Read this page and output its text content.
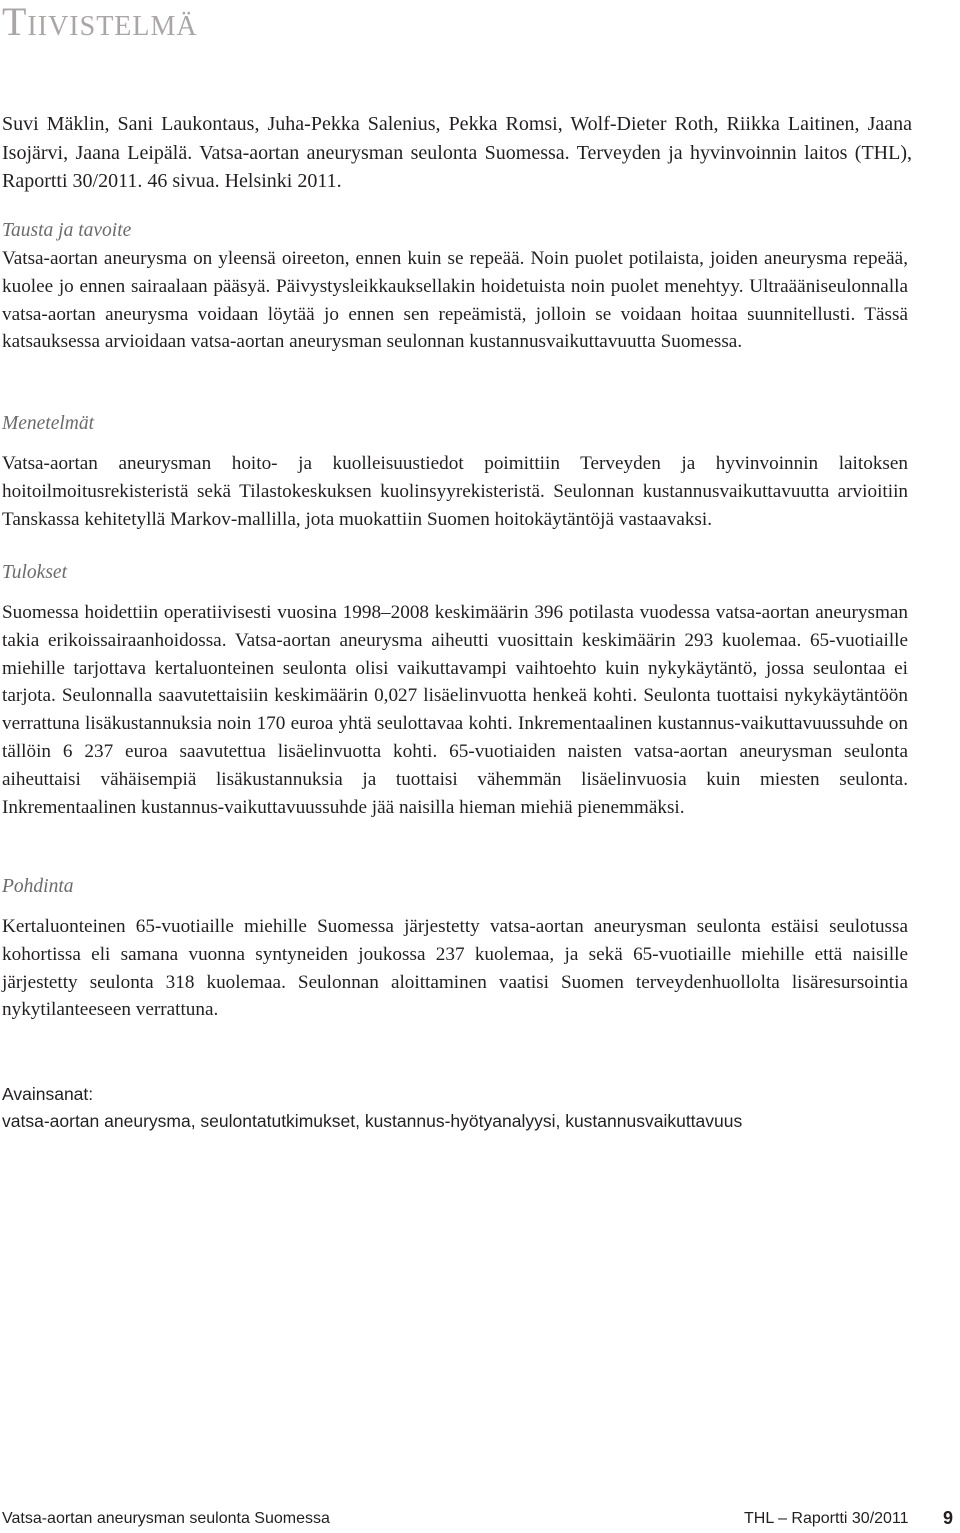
Tiivistelmä

Suvi Mäklin, Sani Laukontaus, Juha-Pekka Salenius, Pekka Romsi, Wolf-Dieter Roth, Riikka Laitinen, Jaana Isojärvi, Jaana Leipälä. Vatsa-aortan aneurysman seulonta Suomessa. Terveyden ja hyvinvoinnin laitos (THL), Raportti 30/2011. 46 sivua. Helsinki 2011.

Tausta ja tavoite

Vatsa-aortan aneurysma on yleensä oireeton, ennen kuin se repeää. Noin puolet potilaista, joiden aneurysma repeää, kuolee jo ennen sairaalaan pääsyä. Päivystysleikkauksellakin hoidetuista noin puolet menehtyy. Ultraääniseulonnalla vatsa-aortan aneurysma voidaan löytää jo ennen sen repeämistä, jolloin se voidaan hoitaa suunnitellusti. Tässä katsauksessa arvioidaan vatsa-aortan aneurysman seulonnan kustannusvaikuttavuutta Suomessa.

Menetelmät

Vatsa-aortan aneurysman hoito- ja kuolleisuustiedot poimittiin Terveyden ja hyvinvoinnin laitoksen hoitoilmoitusrekisteristä sekä Tilastokeskuksen kuolinsyyrekisteristä. Seulonnan kustannusvaikuttavuutta arvioitiin Tanskassa kehitetyllä Markov-mallilla, jota muokattiin Suomen hoitokäytäntöjä vastaavaksi.

Tulokset

Suomessa hoidettiin operatiivisesti vuosina 1998–2008 keskimäärin 396 potilasta vuodessa vatsa-aortan aneurysman takia erikoissairaanhoidossa. Vatsa-aortan aneurysma aiheutti vuosittain keskimäärin 293 kuolemaa. 65-vuotiaille miehille tarjottava kertaluonteinen seulonta olisi vaikuttavampi vaihtoehto kuin nykykäytäntö, jossa seulontaa ei tarjota. Seulonnalla saavutettaisiin keskimäärin 0,027 lisäelinvuotta henkeä kohti. Seulonta tuottaisi nykykäytäntöön verrattuna lisäkustannuksia noin 170 euroa yhtä seulottavaa kohti. Inkrementaalinen kustannus-vaikuttavuussuhde on tällöin 6 237 euroa saavutettua lisäelinvuotta kohti. 65-vuotiaiden naisten vatsa-aortan aneurysman seulonta aiheuttaisi vähäisempiä lisäkustannuksia ja tuottaisi vähemmän lisäelinvuosia kuin miesten seulonta. Inkrementaalinen kustannus-vaikuttavuussuhde jää naisilla hieman miehiä pienemmäksi.

Pohdinta

Kertaluonteinen 65-vuotiaille miehille Suomessa järjestetty vatsa-aortan aneurysman seulonta estäisi seulotussa kohortissa eli samana vuonna syntyneiden joukossa 237 kuolemaa, ja sekä 65-vuotiaille miehille että naisille järjestetty seulonta 318 kuolemaa. Seulonnan aloittaminen vaatisi Suomen terveydenhuollolta lisäresursointia nykytilanteeseen verrattuna.

Avainsanat:
vatsa-aortan aneurysma, seulontatutkimukset, kustannus-hyötyanalyysi, kustannusvaikuttavuus
Vatsa-aortan aneurysman seulonta Suomessa	THL – Raportti 30/2011 9
